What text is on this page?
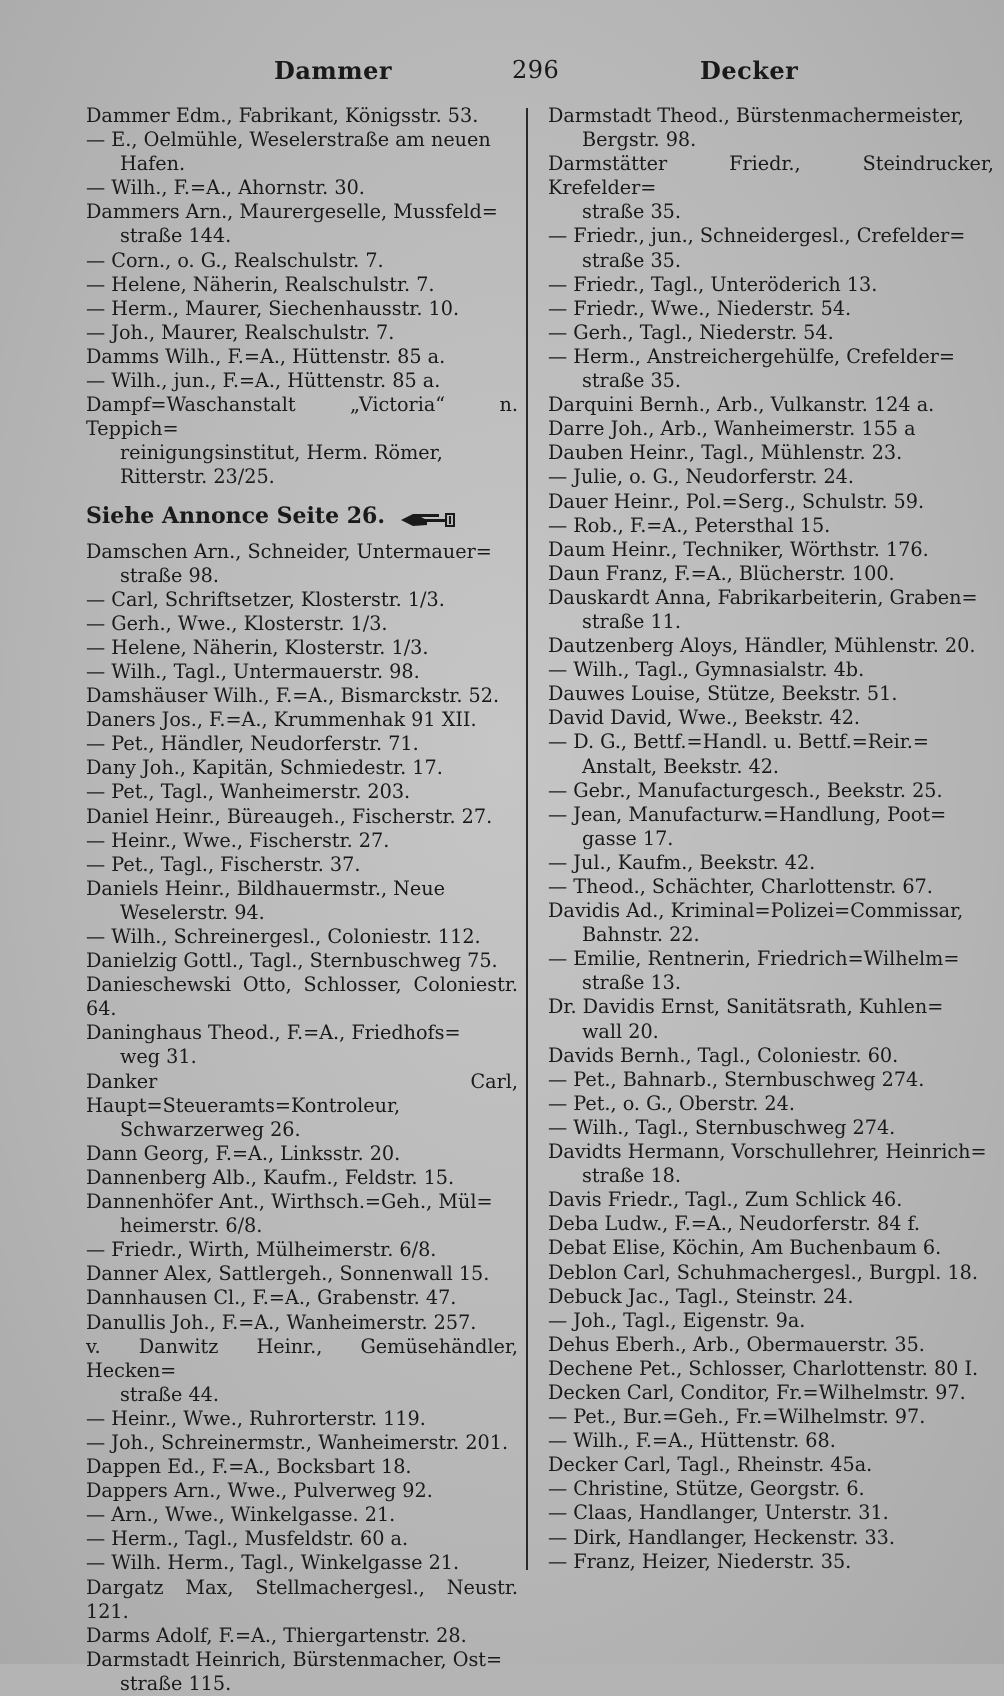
Dammer	296	Decker
Dammer Edm., Fabrikant, Königsstr. 53.
— E., Oelmühle, Weselerstraße am neuen
Hafen.
— Wilh., F.=A., Ahornstr. 30.
Dammers Arn., Maurergeselle, Mussfeld=
straße 144.
— Corn., o. G., Realschulstr. 7.
— Helene, Näherin, Realschulstr. 7.
— Herm., Maurer, Siechenhausstr. 10.
— Joh., Maurer, Realschulstr. 7.
Damms Wilh., F.=A., Hüttenstr. 85 a.
— Wilh., jun., F.=A., Hüttenstr. 85 a.
Dampf=Waschanstalt „Victoria“ n. Teppich=
reinigungsinstitut, Herm. Römer,
Ritterstr. 23/25.
Siehe Annonce Seite 26.
Damschen Arn., Schneider, Untermauer=
straße 98.
— Carl, Schriftsetzer, Klosterstr. 1/3.
— Gerh., Wwe., Klosterstr. 1/3.
— Helene, Näherin, Klosterstr. 1/3.
— Wilh., Tagl., Untermauerstr. 98.
Damshäuser Wilh., F.=A., Bismarckstr. 52.
Daners Jos., F.=A., Krummenhak 91 XII.
— Pet., Händler, Neudorferstr. 71.
Dany Joh., Kapitän, Schmiedestr. 17.
— Pet., Tagl., Wanheimerstr. 203.
Daniel Heinr., Büreaugeh., Fischerstr. 27.
— Heinr., Wwe., Fischerstr. 27.
— Pet., Tagl., Fischerstr. 37.
Daniels Heinr., Bildhauermstr., Neue
Weselerstr. 94.
— Wilh., Schreinergesl., Coloniestr. 112.
Danielzig Gottl., Tagl., Sternbuschweg 75.
Danieschewski Otto, Schlosser, Coloniestr. 64.
Daninghaus Theod., F.=A., Friedhofs=
weg 31.
Danker Carl, Haupt=Steueramts=Kontroleur,
Schwarzerweg 26.
Dann Georg, F.=A., Linksstr. 20.
Dannenberg Alb., Kaufm., Feldstr. 15.
Dannenhöfer Ant., Wirthsch.=Geh., Mül=
heimerstr. 6/8.
— Friedr., Wirth, Mülheimerstr. 6/8.
Danner Alex, Sattlergeh., Sonnenwall 15.
Dannhausen Cl., F.=A., Grabenstr. 47.
Danullis Joh., F.=A., Wanheimerstr. 257.
v. Danwitz Heinr., Gemüsehändler, Hecken=
straße 44.
— Heinr., Wwe., Ruhrorterstr. 119.
— Joh., Schreinermstr., Wanheimerstr. 201.
Dappen Ed., F.=A., Bocksbart 18.
Dappers Arn., Wwe., Pulverweg 92.
— Arn., Wwe., Winkelgasse. 21.
— Herm., Tagl., Musfeldstr. 60 a.
— Wilh. Herm., Tagl., Winkelgasse 21.
Dargatz Max, Stellmachergesl., Neustr. 121.
Darms Adolf, F.=A., Thiergartenstr. 28.
Darmstadt Heinrich, Bürstenmacher, Ost=
straße 115.
Darmstadt Theod., Bürstenmachermeister,
Bergstr. 98.
Darmstätter Friedr., Steindrucker, Krefelder=
straße 35.
— Friedr., jun., Schneidergesl., Crefelder=
straße 35.
— Friedr., Tagl., Unteröderich 13.
— Friedr., Wwe., Niederstr. 54.
— Gerh., Tagl., Niederstr. 54.
— Herm., Anstreichergehülfe, Crefelder=
straße 35.
Darquini Bernh., Arb., Vulkanstr. 124 a.
Darre Joh., Arb., Wanheimerstr. 155 a
Dauben Heinr., Tagl., Mühlenstr. 23.
— Julie, o. G., Neudorferstr. 24.
Dauer Heinr., Pol.=Serg., Schulstr. 59.
— Rob., F.=A., Petersthal 15.
Daum Heinr., Techniker, Wörthstr. 176.
Daun Franz, F.=A., Blücherstr. 100.
Dauskardt Anna, Fabrikarbeiterin, Graben=
straße 11.
Dautzenberg Aloys, Händler, Mühlenstr. 20.
— Wilh., Tagl., Gymnasialstr. 4b.
Dauwes Louise, Stütze, Beekstr. 51.
David David, Wwe., Beekstr. 42.
— D. G., Bettf.=Handl. u. Bettf.=Reir.=
Anstalt, Beekstr. 42.
— Gebr., Manufacturgesch., Beekstr. 25.
— Jean, Manufacturw.=Handlung, Poot=
gasse 17.
— Jul., Kaufm., Beekstr. 42.
— Theod., Schächter, Charlottenstr. 67.
Davidis Ad., Kriminal=Polizei=Commissar,
Bahnstr. 22.
— Emilie, Rentnerin, Friedrich=Wilhelm=
straße 13.
Dr. Davidis Ernst, Sanitätsrath, Kuhlen=
wall 20.
Davids Bernh., Tagl., Coloniestr. 60.
— Pet., Bahnarb., Sternbuschweg 274.
— Pet., o. G., Oberstr. 24.
— Wilh., Tagl., Sternbuschweg 274.
Davidts Hermann, Vorschullehrer, Heinrich=
straße 18.
Davis Friedr., Tagl., Zum Schlick 46.
Deba Ludw., F.=A., Neudorferstr. 84 f.
Debat Elise, Köchin, Am Buchenbaum 6.
Deblon Carl, Schuhmachergesl., Burgpl. 18.
Debuck Jac., Tagl., Steinstr. 24.
— Joh., Tagl., Eigenstr. 9a.
Dehus Eberh., Arb., Obermauerstr. 35.
Dechene Pet., Schlosser, Charlottenstr. 80 I.
Decken Carl, Conditor, Fr.=Wilhelmstr. 97.
— Pet., Bur.=Geh., Fr.=Wilhelmstr. 97.
— Wilh., F.=A., Hüttenstr. 68.
Decker Carl, Tagl., Rheinstr. 45a.
— Christine, Stütze, Georgstr. 6.
— Claas, Handlanger, Unterstr. 31.
— Dirk, Handlanger, Heckenstr. 33.
— Franz, Heizer, Niederstr. 35.
